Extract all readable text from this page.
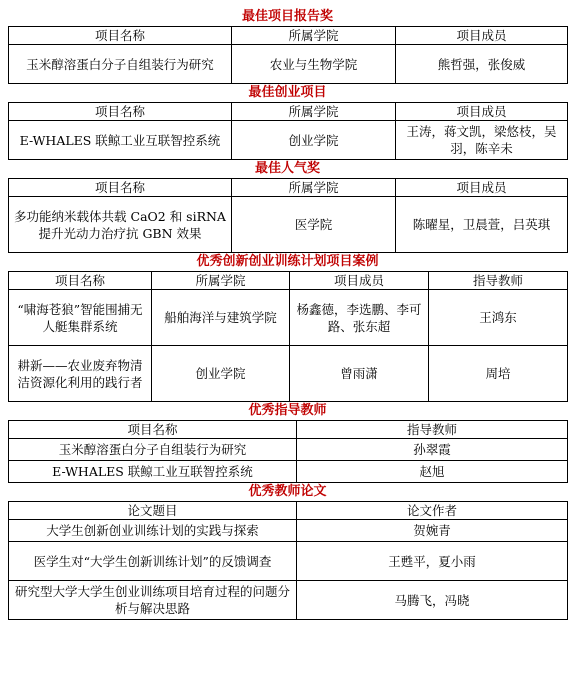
最佳项目报告奖
项目名称	所属学院	项目成员
玉米醇溶蛋白分子自组装行为研究	农业与生物学院	熊哲强，张俊威
最佳创业项目
项目名称	所属学院	项目成员
E-WHALES 联鲸工业互联智控系统	创业学院	王涛，蒋文凯，梁悠枝，吴羽，陈辛未
最佳人气奖
项目名称	所属学院	项目成员
多功能纳米载体共载 CaO2 和 siRNA 提升光动力治疗抗 GBN 效果	医学院	陈曜星，卫晨萱，吕英琪
优秀创新创业训练计划项目案例
项目名称	所属学院	项目成员	指导教师
“啸海苍狼”智能围捕无人艇集群系统	船舶海洋与建筑学院	杨鑫德，李选鹏、李可路、张东超	王鸿东
耕新——农业废弃物清洁资源化利用的践行者	创业学院	曾雨潇	周培
优秀指导教师
项目名称	指导教师
玉米醇溶蛋白分子自组装行为研究	孙翠霞
E-WHALES 联鲸工业互联智控系统	赵旭
优秀教师论文
论文题目	论文作者
大学生创新创业训练计划的实践与探索	贺婉青
医学生对“大学生创新训练计划”的反馈调查	王甦平，夏小雨
研究型大学大学生创业训练项目培育过程的问题分析与解决思路	马腾飞，冯晓
